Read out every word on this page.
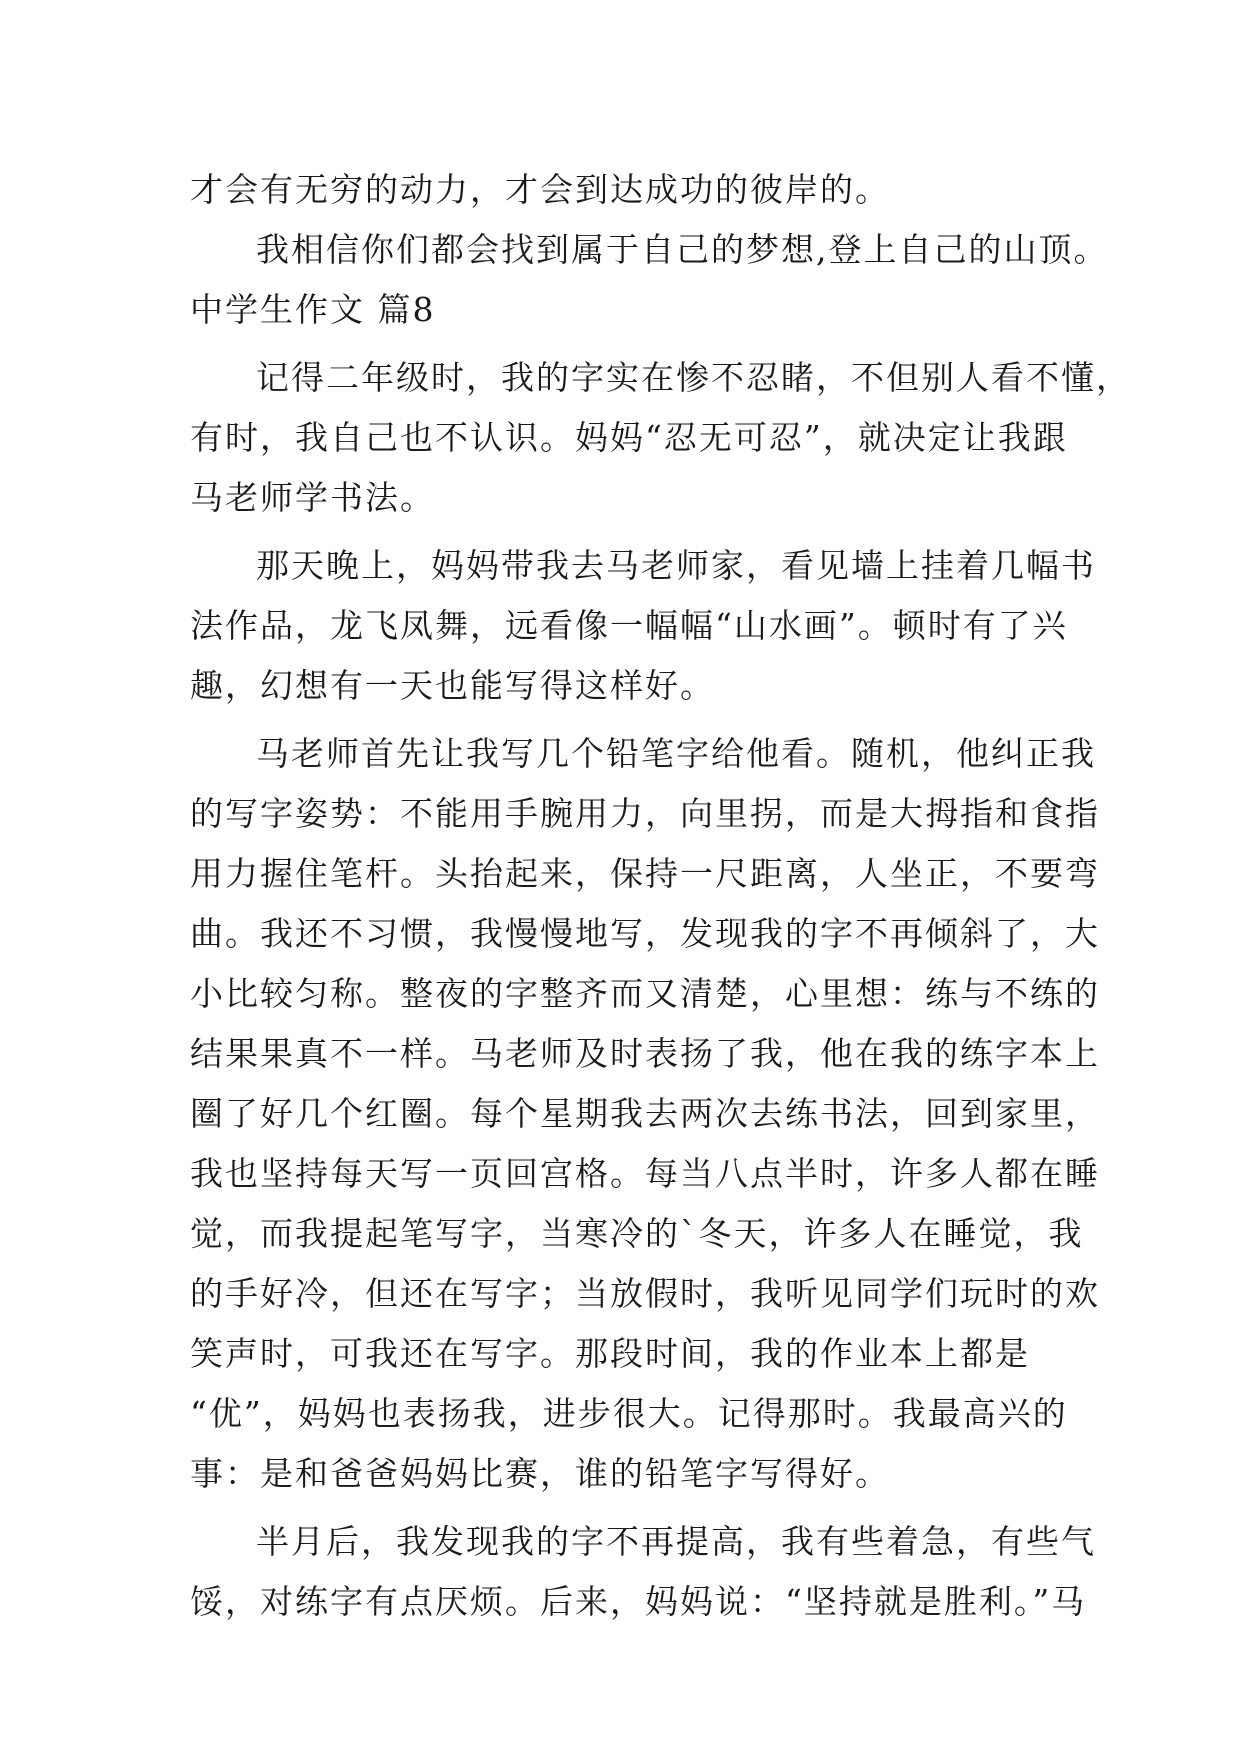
才会有无穷的动力，才会到达成功的彼岸的。
我相信你们都会找到属于自己的梦想,登上自己的山顶。
中学生作文 篇8
记得二年级时，我的字实在惨不忍睹，不但别人看不懂，
有时，我自己也不认识。妈妈“忍无可忍”，就决定让我跟
马老师学书法。
那天晚上，妈妈带我去马老师家，看见墙上挂着几幅书
法作品，龙飞凤舞，远看像一幅幅“山水画”。顿时有了兴
趣，幻想有一天也能写得这样好。
马老师首先让我写几个铅笔字给他看。随机，他纠正我
的写字姿势：不能用手腕用力，向里拐，而是大拇指和食指
用力握住笔杆。头抬起来，保持一尺距离，人坐正，不要弯
曲。我还不习惯，我慢慢地写，发现我的字不再倾斜了，大
小比较匀称。整夜的字整齐而又清楚，心里想：练与不练的
结果果真不一样。马老师及时表扬了我，他在我的练字本上
圈了好几个红圈。每个星期我去两次去练书法，回到家里，
我也坚持每天写一页回宫格。每当八点半时，许多人都在睡
觉，而我提起笔写字，当寒冷的`冬天，许多人在睡觉，我
的手好冷，但还在写字；当放假时，我听见同学们玩时的欢
笑声时，可我还在写字。那段时间，我的作业本上都是
“优”，妈妈也表扬我，进步很大。记得那时。我最高兴的
事：是和爸爸妈妈比赛，谁的铅笔字写得好。
半月后，我发现我的字不再提高，我有些着急，有些气
馁，对练字有点厌烦。后来，妈妈说：“坚持就是胜利。”马
